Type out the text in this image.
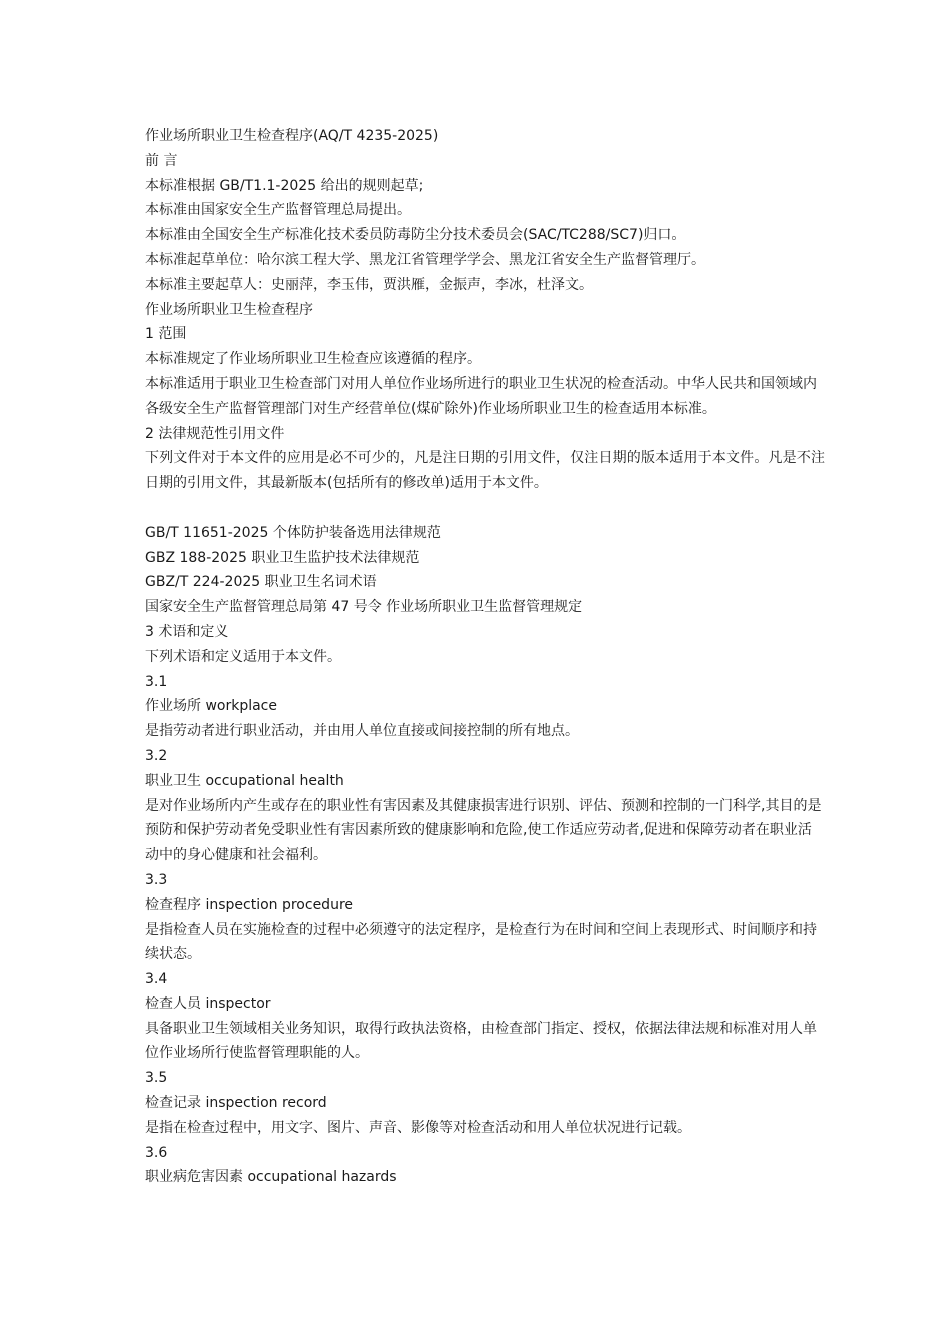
作业场所职业卫生检查程序(AQ/T 4235-2025)

前 言

本标准根据 GB/T1.1-2025 给出的规则起草;

本标准由国家安全生产监督管理总局提出。

本标准由全国安全生产标准化技术委员防毒防尘分技术委员会(SAC/TC288/SC7)归口。

本标准起草单位：哈尔滨工程大学、黑龙江省管理学学会、黑龙江省安全生产监督管理厅。

本标准主要起草人：史丽萍，李玉伟，贾洪雁，金振声，李冰，杜泽文。

作业场所职业卫生检查程序

1 范围

本标准规定了作业场所职业卫生检查应该遵循的程序。

本标准适用于职业卫生检查部门对用人单位作业场所进行的职业卫生状况的检查活动。中华人民共和国领域内各级安全生产监督管理部门对生产经营单位(煤矿除外)作业场所职业卫生的检查适用本标准。

2 法律规范性引用文件

下列文件对于本文件的应用是必不可少的，凡是注日期的引用文件，仅注日期的版本适用于本文件。凡是不注日期的引用文件，其最新版本(包括所有的修改单)适用于本文件。

GB/T 11651-2025 个体防护装备选用法律规范

GBZ 188-2025 职业卫生监护技术法律规范

GBZ/T 224-2025 职业卫生名词术语

国家安全生产监督管理总局第 47 号令 作业场所职业卫生监督管理规定

3 术语和定义

下列术语和定义适用于本文件。

3.1

作业场所 workplace

是指劳动者进行职业活动，并由用人单位直接或间接控制的所有地点。

3.2

职业卫生 occupational health

是对作业场所内产生或存在的职业性有害因素及其健康损害进行识别、评估、预测和控制的一门科学,其目的是预防和保护劳动者免受职业性有害因素所致的健康影响和危险,使工作适应劳动者,促进和保障劳动者在职业活动中的身心健康和社会福利。

3.3

检查程序 inspection procedure

是指检查人员在实施检查的过程中必须遵守的法定程序，是检查行为在时间和空间上表现形式、时间顺序和持续状态。

3.4

检查人员 inspector

具备职业卫生领域相关业务知识，取得行政执法资格，由检查部门指定、授权，依据法律法规和标准对用人单位作业场所行使监督管理职能的人。

3.5

检查记录 inspection record

是指在检查过程中，用文字、图片、声音、影像等对检查活动和用人单位状况进行记载。

3.6

职业病危害因素 occupational hazards
